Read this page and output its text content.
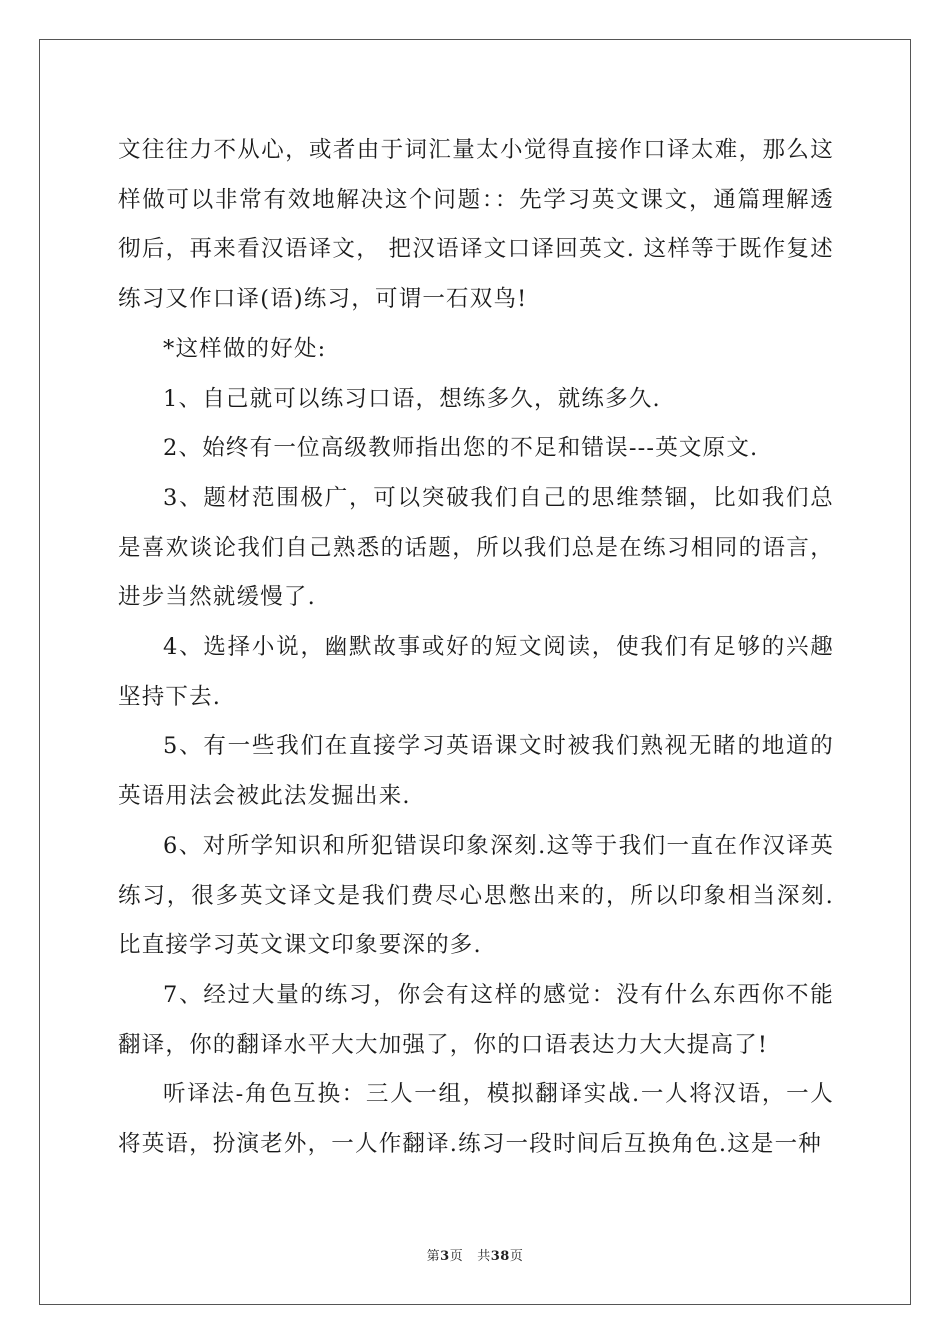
文往往力不从心，或者由于词汇量太小觉得直接作口译太难，那么这样做可以非常有效地解决这个问题：：先学习英文课文，通篇理解透彻后，再来看汉语译文， 把汉语译文口译回英文. 这样等于既作复述练习又作口译(语)练习，可谓一石双鸟!

*这样做的好处:

1、自己就可以练习口语，想练多久，就练多久.

2、始终有一位高级教师指出您的不足和错误---英文原文.

3、题材范围极广，可以突破我们自己的思维禁锢，比如我们总是喜欢谈论我们自己熟悉的话题，所以我们总是在练习相同的语言，进步当然就缓慢了.

4、选择小说，幽默故事或好的短文阅读，使我们有足够的兴趣坚持下去.

5、有一些我们在直接学习英语课文时被我们熟视无睹的地道的英语用法会被此法发掘出来.

6、对所学知识和所犯错误印象深刻.这等于我们一直在作汉译英练习，很多英文译文是我们费尽心思憋出来的，所以印象相当深刻.比直接学习英文课文印象要深的多.

7、经过大量的练习，你会有这样的感觉：没有什么东西你不能翻译，你的翻译水平大大加强了，你的口语表达力大大提高了!

听译法-角色互换：三人一组，模拟翻译实战.一人将汉语，一人将英语，扮演老外，一人作翻译.练习一段时间后互换角色.这是一种

第3页 共38页
